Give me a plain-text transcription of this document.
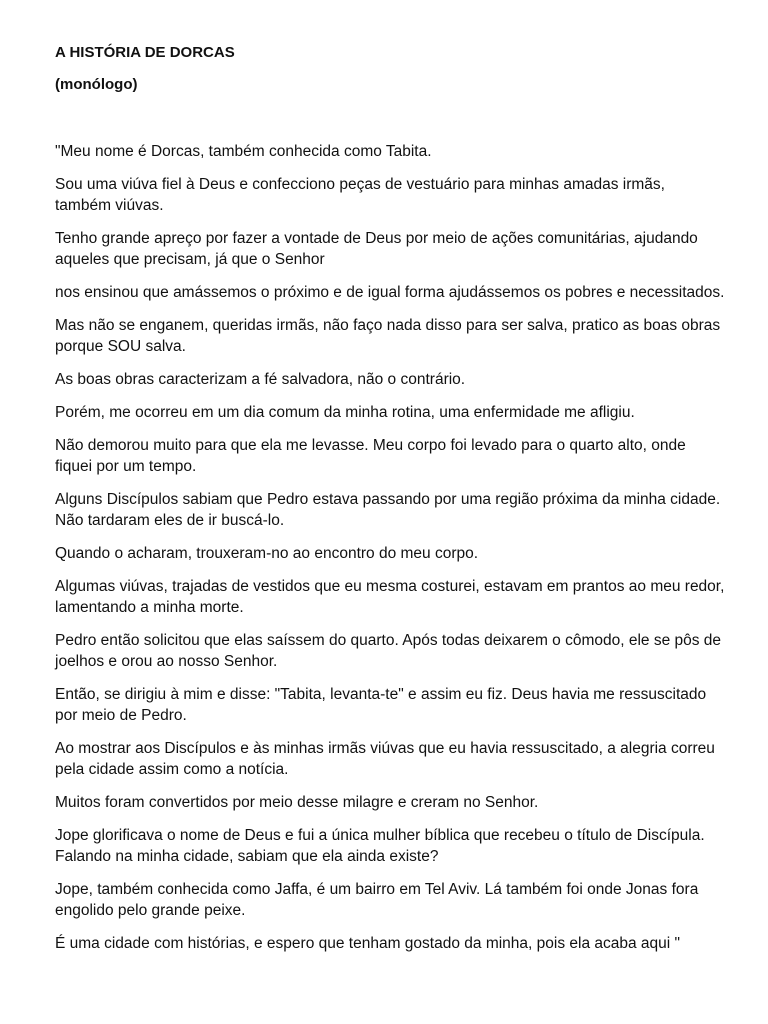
A HISTÓRIA DE DORCAS
(monólogo)

"Meu nome é Dorcas, também conhecida como Tabita.

Sou uma viúva fiel à Deus e confecciono peças de vestuário para minhas amadas irmãs, também viúvas.

Tenho grande apreço por fazer a vontade de Deus por meio de ações comunitárias, ajudando aqueles que precisam, já que o Senhor

nos ensinou que amássemos o próximo e de igual forma ajudássemos os pobres e necessitados.

Mas não se enganem, queridas irmãs, não faço nada disso para ser salva, pratico as boas obras porque SOU salva.

As boas obras caracterizam a fé salvadora, não o contrário.

Porém, me ocorreu em um dia comum da minha rotina, uma enfermidade me afligiu.

Não demorou muito para que ela me levasse. Meu corpo foi levado para o quarto alto, onde fiquei por um tempo.

Alguns Discípulos sabiam que Pedro estava passando por uma região próxima da minha cidade. Não tardaram eles de ir buscá-lo.

Quando o acharam, trouxeram-no ao encontro do meu corpo.

Algumas viúvas, trajadas de vestidos que eu mesma costurei, estavam em prantos ao meu redor, lamentando a minha morte.

Pedro então solicitou que elas saíssem do quarto. Após todas deixarem o cômodo, ele se pôs de joelhos e orou ao nosso Senhor.

Então, se dirigiu à mim e disse: "Tabita, levanta-te" e assim eu fiz. Deus havia me ressuscitado por meio de Pedro.

Ao mostrar aos Discípulos e às minhas irmãs viúvas que eu havia ressuscitado, a alegria correu pela cidade assim como a notícia.

Muitos foram convertidos por meio desse milagre e creram no Senhor.

Jope glorificava o nome de Deus e fui a única mulher bíblica que recebeu o título de Discípula. Falando na minha cidade, sabiam que ela ainda existe?

Jope, também conhecida como Jaffa, é um bairro em Tel Aviv. Lá também foi onde Jonas fora engolido pelo grande peixe.

É uma cidade com histórias, e espero que tenham gostado da minha, pois ela acaba aqui "
